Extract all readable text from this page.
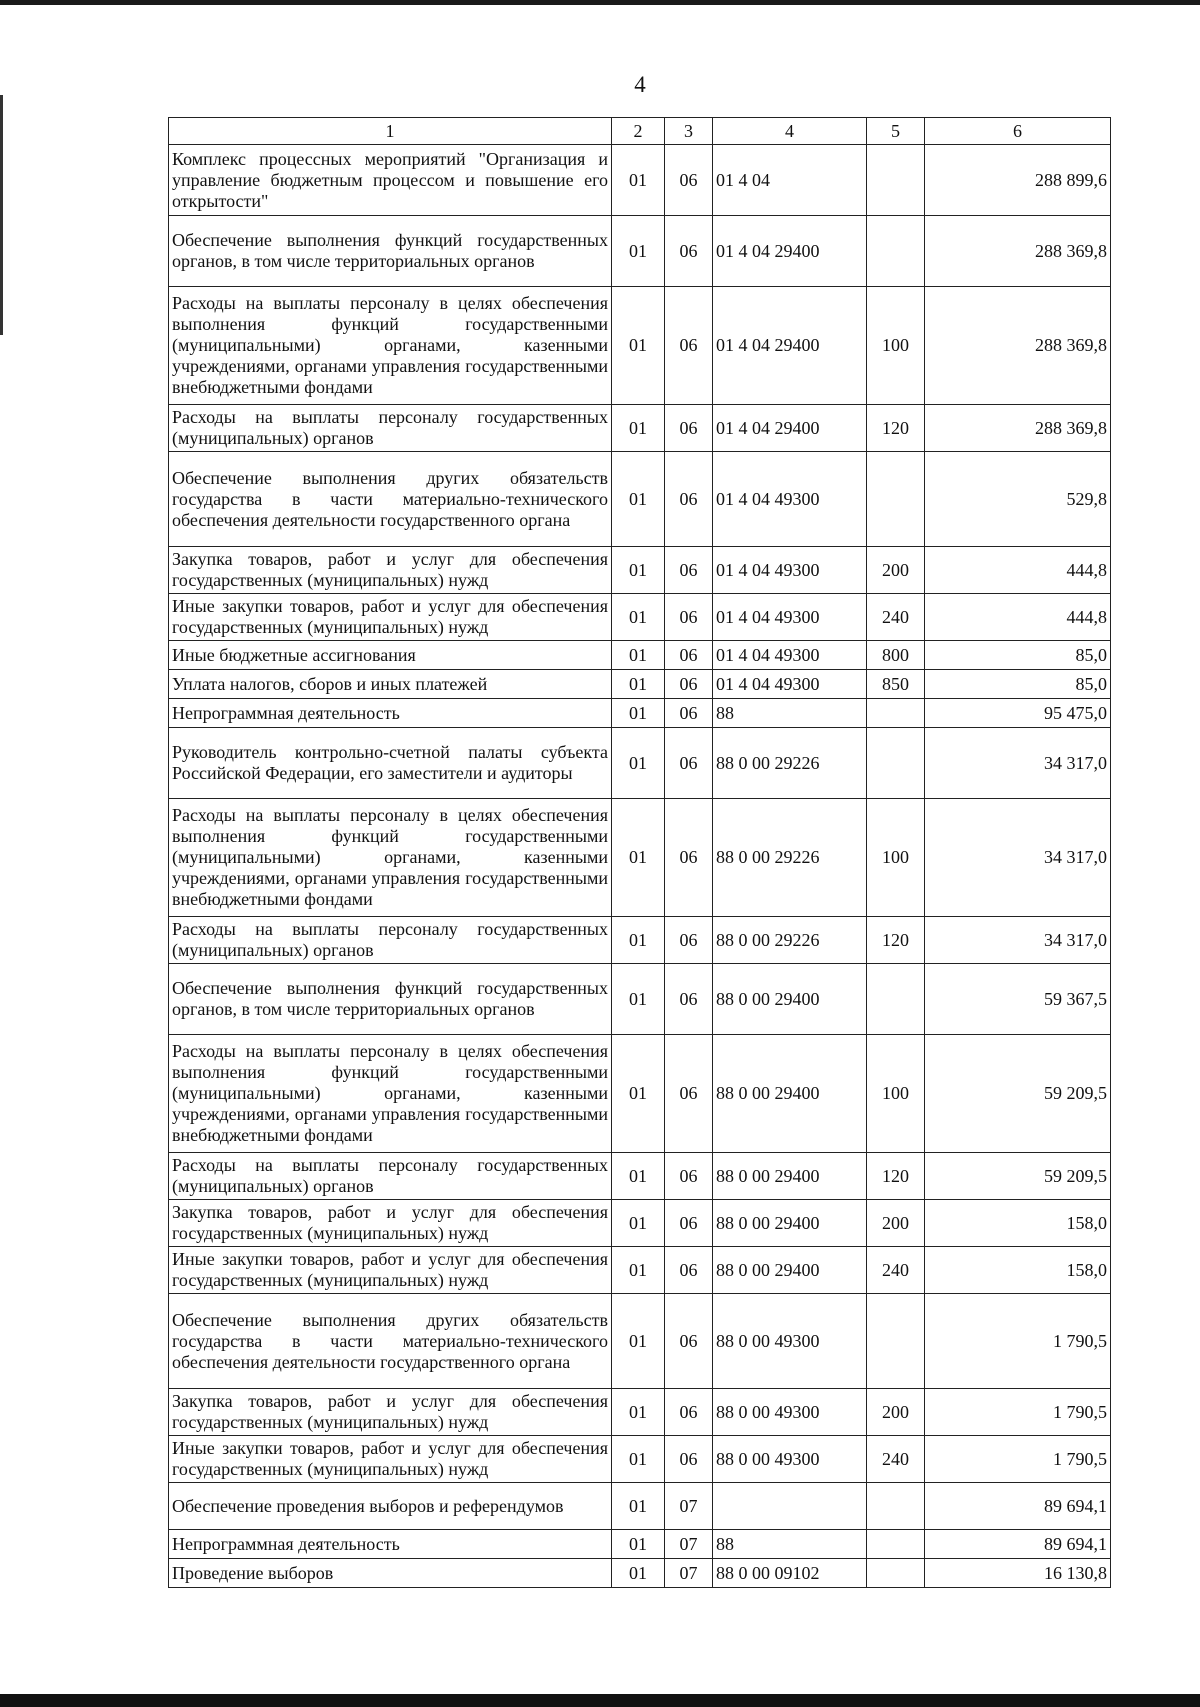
4
1	2	3	4	5	6
Комплекс процессных мероприятий "Организация и управление бюджетным процессом и повышение его открытости"	01	06	01 4 04		288 899,6
Обеспечение выполнения функций государственных органов, в том числе территориальных органов	01	06	01 4 04 29400		288 369,8
Расходы на выплаты персоналу в целях обеспечения выполнения функций государственными (муниципальными) органами, казенными учреждениями, органами управления государственными внебюджетными фондами	01	06	01 4 04 29400	100	288 369,8
Расходы на выплаты персоналу государственных (муниципальных) органов	01	06	01 4 04 29400	120	288 369,8
Обеспечение выполнения других обязательств государства в части материально-технического обеспечения деятельности государственного органа	01	06	01 4 04 49300		529,8
Закупка товаров, работ и услуг для обеспечения государственных (муниципальных) нужд	01	06	01 4 04 49300	200	444,8
Иные закупки товаров, работ и услуг для обеспечения государственных (муниципальных) нужд	01	06	01 4 04 49300	240	444,8
Иные бюджетные ассигнования	01	06	01 4 04 49300	800	85,0
Уплата налогов, сборов и иных платежей	01	06	01 4 04 49300	850	85,0
Непрограммная деятельность	01	06	88		95 475,0
Руководитель контрольно-счетной палаты субъекта Российской Федерации, его заместители и аудиторы	01	06	88 0 00 29226		34 317,0
Расходы на выплаты персоналу в целях обеспечения выполнения функций государственными (муниципальными) органами, казенными учреждениями, органами управления государственными внебюджетными фондами	01	06	88 0 00 29226	100	34 317,0
Расходы на выплаты персоналу государственных (муниципальных) органов	01	06	88 0 00 29226	120	34 317,0
Обеспечение выполнения функций государственных органов, в том числе территориальных органов	01	06	88 0 00 29400		59 367,5
Расходы на выплаты персоналу в целях обеспечения выполнения функций государственными (муниципальными) органами, казенными учреждениями, органами управления государственными внебюджетными фондами	01	06	88 0 00 29400	100	59 209,5
Расходы на выплаты персоналу государственных (муниципальных) органов	01	06	88 0 00 29400	120	59 209,5
Закупка товаров, работ и услуг для обеспечения государственных (муниципальных) нужд	01	06	88 0 00 29400	200	158,0
Иные закупки товаров, работ и услуг для обеспечения государственных (муниципальных) нужд	01	06	88 0 00 29400	240	158,0
Обеспечение выполнения других обязательств государства в части материально-технического обеспечения деятельности государственного органа	01	06	88 0 00 49300		1 790,5
Закупка товаров, работ и услуг для обеспечения государственных (муниципальных) нужд	01	06	88 0 00 49300	200	1 790,5
Иные закупки товаров, работ и услуг для обеспечения государственных (муниципальных) нужд	01	06	88 0 00 49300	240	1 790,5
Обеспечение проведения выборов и референдумов	01	07			89 694,1
Непрограммная деятельность	01	07	88		89 694,1
Проведение выборов	01	07	88 0 00 09102		16 130,8
